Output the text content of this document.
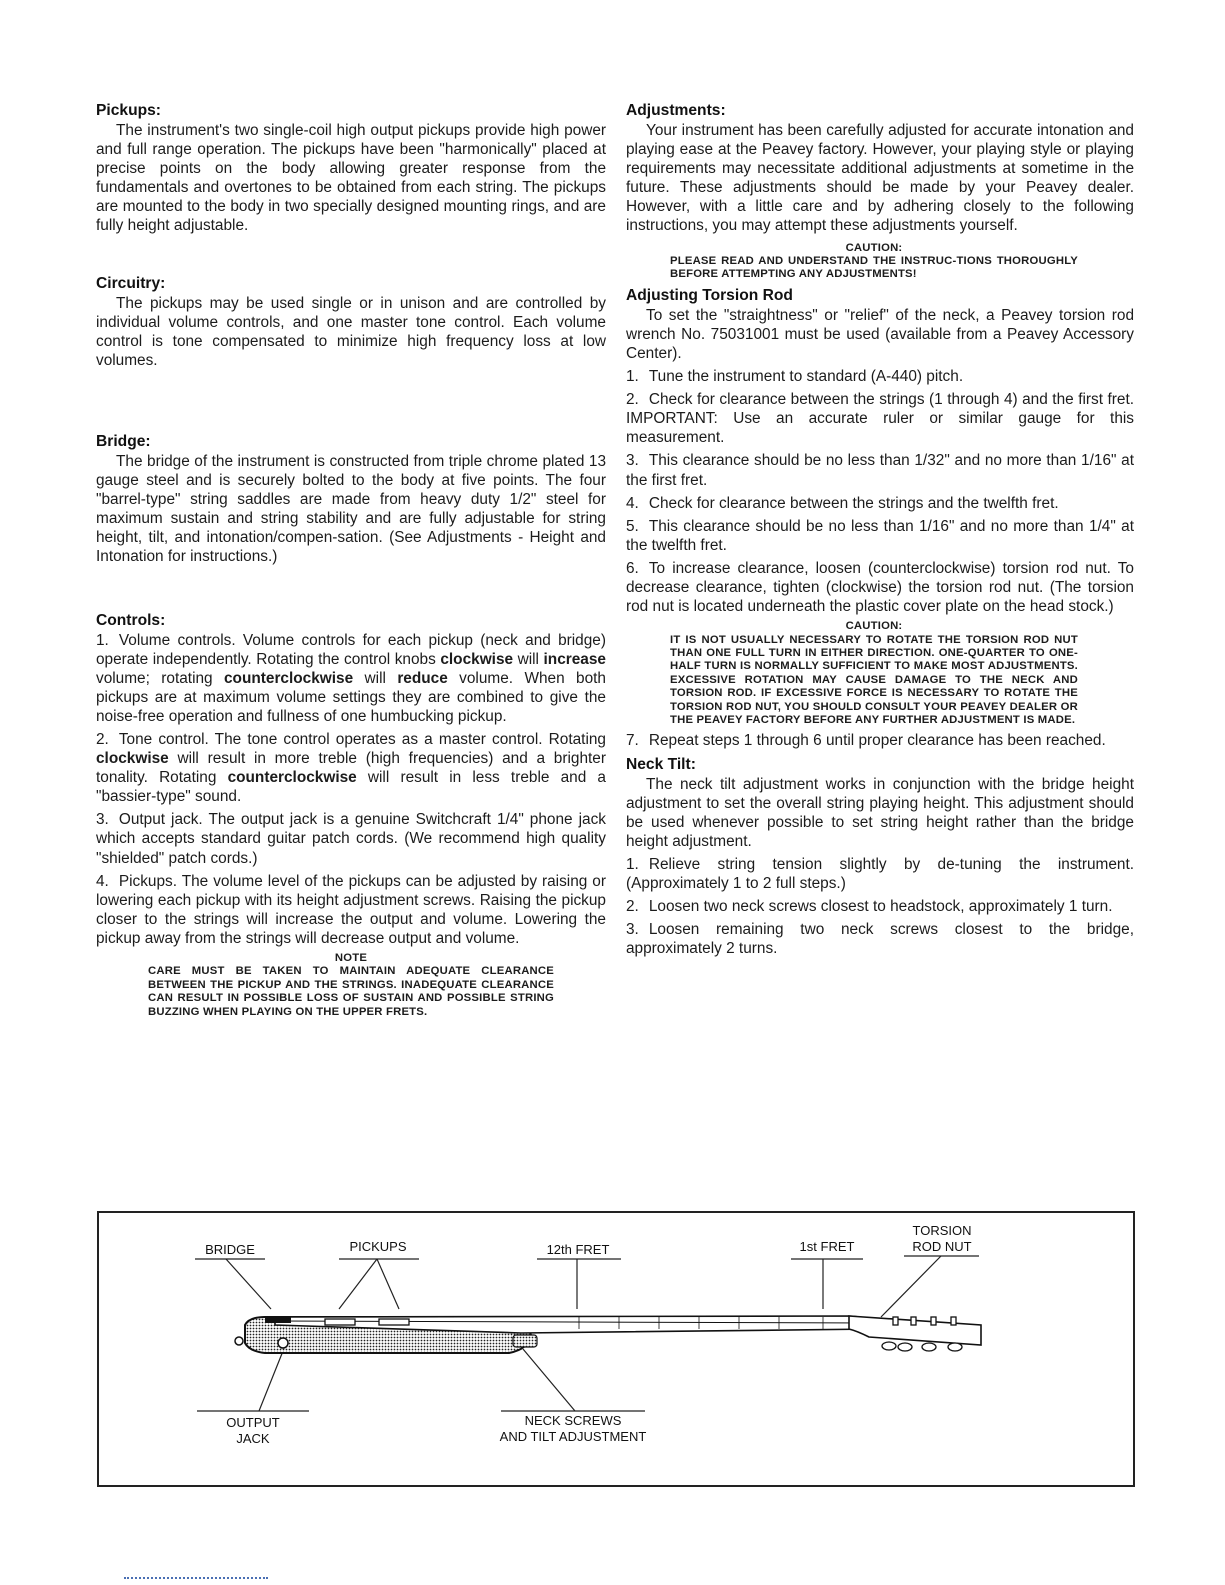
Pickups:

The instrument's two single-coil high output pickups provide high power and full range operation. The pickups have been "harmonically" placed at precise points on the body allowing greater response from the fundamentals and overtones to be obtained from each string. The pickups are mounted to the body in two specially designed mounting rings, and are fully height adjustable.

Circuitry:

The pickups may be used single or in unison and are controlled by individual volume controls, and one master tone control. Each volume control is tone compensated to minimize high frequency loss at low volumes.

Bridge:

The bridge of the instrument is constructed from triple chrome plated 13 gauge steel and is securely bolted to the body at five points. The four "barrel-type" string saddles are made from heavy duty 1/2" steel for maximum sustain and string stability and are fully adjustable for string height, tilt, and intonation/compen-sation. (See Adjustments - Height and Intonation for instructions.)

Controls:
1. Volume controls. Volume controls for each pickup (neck and bridge) operate independently. Rotating the control knobs clockwise will increase volume; rotating counterclockwise will reduce volume. When both pickups are at maximum volume settings they are combined to give the noise-free operation and fullness of one humbucking pickup.
2. Tone control. The tone control operates as a master control. Rotating clockwise will result in more treble (high frequencies) and a brighter tonality. Rotating counterclockwise will result in less treble and a "bassier-type" sound.
3. Output jack. The output jack is a genuine Switchcraft 1/4" phone jack which accepts standard guitar patch cords. (We recommend high quality "shielded" patch cords.)
4. Pickups. The volume level of the pickups can be adjusted by raising or lowering each pickup with its height adjustment screws. Raising the pickup closer to the strings will increase the output and volume. Lowering the pickup away from the strings will decrease output and volume.
NOTE
CARE MUST BE TAKEN TO MAINTAIN ADEQUATE CLEARANCE BETWEEN THE PICKUP AND THE STRINGS. INADEQUATE CLEARANCE CAN RESULT IN POSSIBLE LOSS OF SUSTAIN AND POSSIBLE STRING BUZZING WHEN PLAYING ON THE UPPER FRETS.
Adjustments:

Your instrument has been carefully adjusted for accurate intonation and playing ease at the Peavey factory. However, your playing style or playing requirements may necessitate additional adjustments at sometime in the future. These adjustments should be made by your Peavey dealer. However, with a little care and by adhering closely to the following instructions, you may attempt these adjustments yourself.

CAUTION:
PLEASE READ AND UNDERSTAND THE INSTRUC-TIONS THOROUGHLY BEFORE ATTEMPTING ANY ADJUSTMENTS!
Adjusting Torsion Rod

To set the "straightness" or "relief" of the neck, a Peavey torsion rod wrench No. 75031001 must be used (available from a Peavey Accessory Center).

1. Tune the instrument to standard (A-440) pitch.
2. Check for clearance between the strings (1 through 4) and the first fret. IMPORTANT: Use an accurate ruler or similar gauge for this measurement.
3. This clearance should be no less than 1/32" and no more than 1/16" at the first fret.
4. Check for clearance between the strings and the twelfth fret.
5. This clearance should be no less than 1/16" and no more than 1/4" at the twelfth fret.
6. To increase clearance, loosen (counterclockwise) torsion rod nut. To decrease clearance, tighten (clockwise) the torsion rod nut. (The torsion rod nut is located underneath the plastic cover plate on the head stock.)
CAUTION:
IT IS NOT USUALLY NECESSARY TO ROTATE THE TORSION ROD NUT THAN ONE FULL TURN IN EITHER DIRECTION. ONE-QUARTER TO ONE-HALF TURN IS NORMALLY SUFFICIENT TO MAKE MOST ADJUSTMENTS. EXCESSIVE ROTATION MAY CAUSE DAMAGE TO THE NECK AND TORSION ROD. IF EXCESSIVE FORCE IS NECESSARY TO ROTATE THE TORSION ROD NUT, YOU SHOULD CONSULT YOUR PEAVEY DEALER OR THE PEAVEY FACTORY BEFORE ANY FURTHER ADJUSTMENT IS MADE.
7. Repeat steps 1 through 6 until proper clearance has been reached.
Neck Tilt:

The neck tilt adjustment works in conjunction with the bridge height adjustment to set the overall string playing height. This adjustment should be used whenever possible to set string height rather than the bridge height adjustment.

1. Relieve string tension slightly by de-tuning the instrument. (Approximately 1 to 2 full steps.)
2. Loosen two neck screws closest to headstock, approximately 1 turn.
3. Loosen remaining two neck screws closest to the bridge, approximately 2 turns.
BRIDGE	PICKUPS	12th FRET	1st FRET
TORSION
ROD NUT
OUTPUT
JACK
NECK SCREWS
AND TILT ADJUSTMENT
